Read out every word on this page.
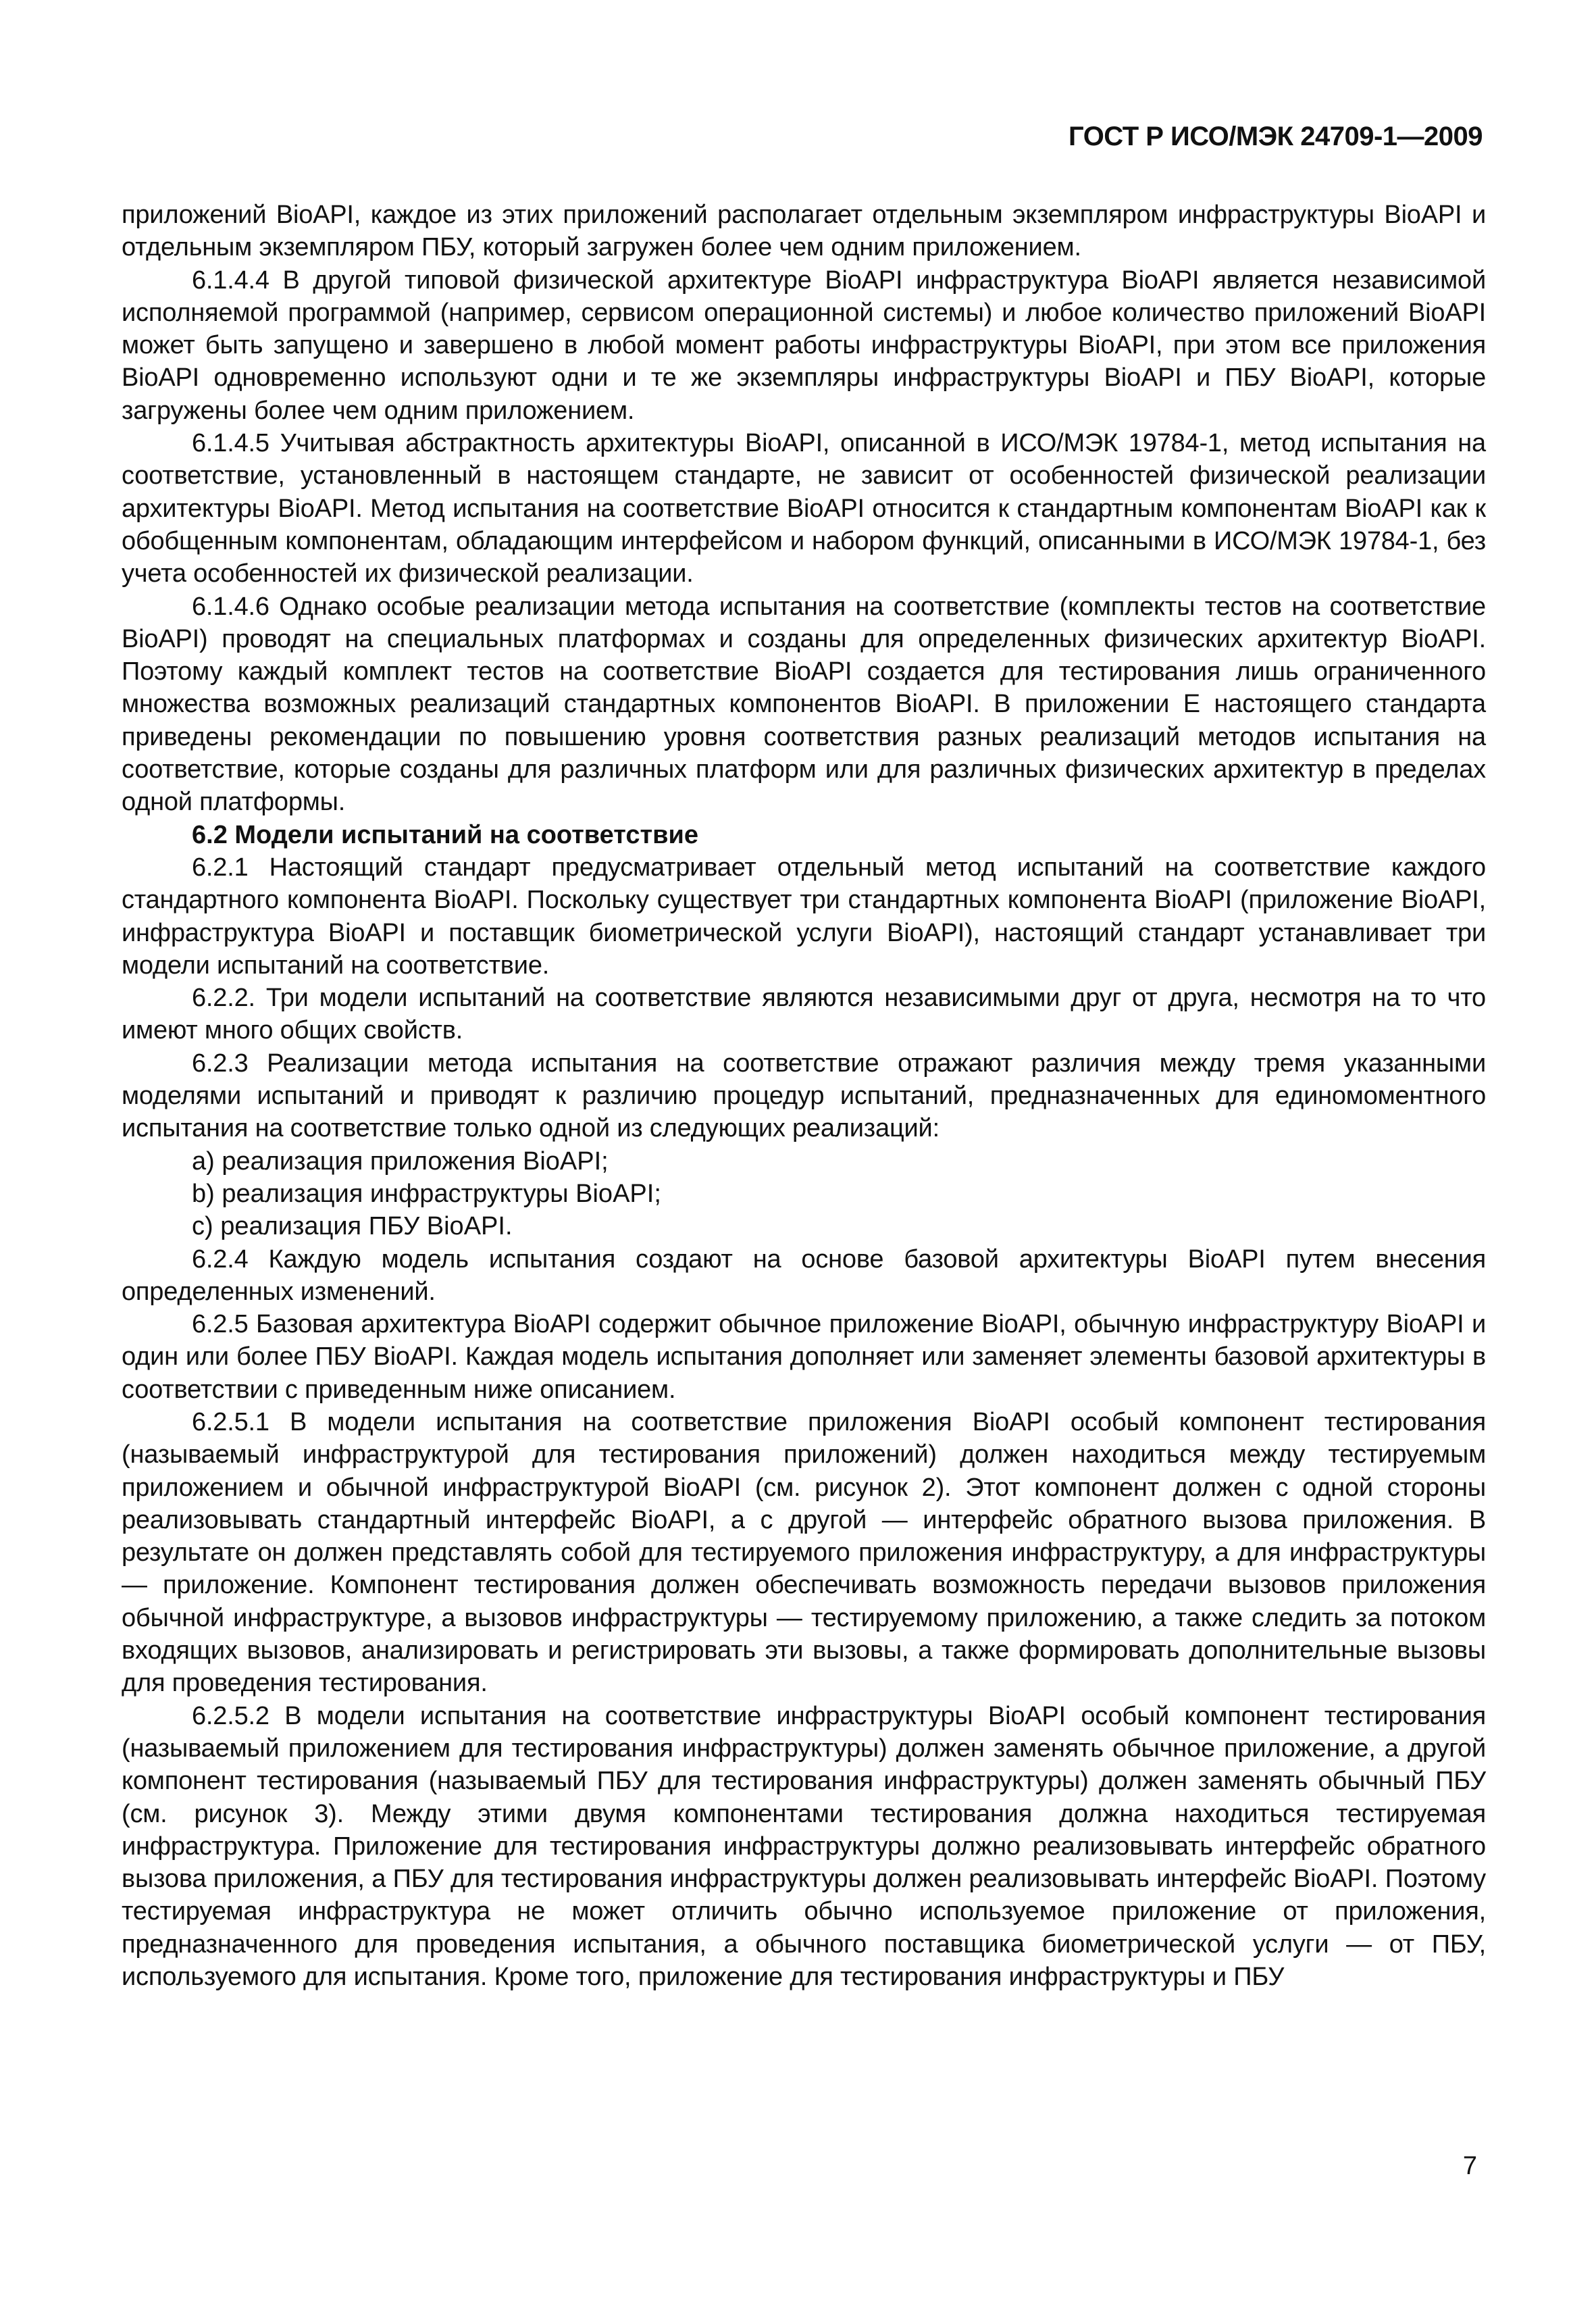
ГОСТ Р ИСО/МЭК 24709-1—2009

приложений BioAPI, каждое из этих приложений располагает отдельным экземпляром инфраструктуры BioAPI и отдельным экземпляром ПБУ, который загружен более чем одним приложением.

6.1.4.4 В другой типовой физической архитектуре BioAPI инфраструктура BioAPI является независимой исполняемой программой (например, сервисом операционной системы) и любое количество приложений BioAPI может быть запущено и завершено в любой момент работы инфраструктуры BioAPI, при этом все приложения BioAPI одновременно используют одни и те же экземпляры инфраструктуры BioAPI и ПБУ BioAPI, которые загружены более чем одним приложением.

6.1.4.5 Учитывая абстрактность архитектуры BioAPI, описанной в ИСО/МЭК 19784-1, метод испытания на соответствие, установленный в настоящем стандарте, не зависит от особенностей физической реализации архитектуры BioAPI. Метод испытания на соответствие BioAPI относится к стандартным компонентам BioAPI как к обобщенным компонентам, обладающим интерфейсом и набором функций, описанными в ИСО/МЭК 19784-1, без учета особенностей их физической реализации.

6.1.4.6 Однако особые реализации метода испытания на соответствие (комплекты тестов на соответствие BioAPI) проводят на специальных платформах и созданы для определенных физических архитектур BioAPI. Поэтому каждый комплект тестов на соответствие BioAPI создается для тестирования лишь ограниченного множества возможных реализаций стандартных компонентов BioAPI. В приложении Е настоящего стандарта приведены рекомендации по повышению уровня соответствия разных реализаций методов испытания на соответствие, которые созданы для различных платформ или для различных физических архитектур в пределах одной платформы.

6.2 Модели испытаний на соответствие

6.2.1 Настоящий стандарт предусматривает отдельный метод испытаний на соответствие каждого стандартного компонента BioAPI. Поскольку существует три стандартных компонента BioAPI (приложение BioAPI, инфраструктура BioAPI и поставщик биометрической услуги BioAPI), настоящий стандарт устанавливает три модели испытаний на соответствие.

6.2.2. Три модели испытаний на соответствие являются независимыми друг от друга, несмотря на то что имеют много общих свойств.

6.2.3 Реализации метода испытания на соответствие отражают различия между тремя указанными моделями испытаний и приводят к различию процедур испытаний, предназначенных для единомоментного испытания на соответствие только одной из следующих реализаций:

a) реализация приложения BioAPI;

b) реализация инфраструктуры BioAPI;

c) реализация ПБУ BioAPI.

6.2.4 Каждую модель испытания создают на основе базовой архитектуры BioAPI путем внесения определенных изменений.

6.2.5 Базовая архитектура BioAPI содержит обычное приложение BioAPI, обычную инфраструктуру BioAPI и один или более ПБУ BioAPI. Каждая модель испытания дополняет или заменяет элементы базовой архитектуры в соответствии с приведенным ниже описанием.

6.2.5.1 В модели испытания на соответствие приложения BioAPI особый компонент тестирования (называемый инфраструктурой для тестирования приложений) должен находиться между тестируемым приложением и обычной инфраструктурой BioAPI (см. рисунок 2). Этот компонент должен с одной стороны реализовывать стандартный интерфейс BioAPI, а с другой — интерфейс обратного вызова приложения. В результате он должен представлять собой для тестируемого приложения инфраструктуру, а для инфраструктуры — приложение. Компонент тестирования должен обеспечивать возможность передачи вызовов приложения обычной инфраструктуре, а вызовов инфраструктуры — тестируемому приложению, а также следить за потоком входящих вызовов, анализировать и регистрировать эти вызовы, а также формировать дополнительные вызовы для проведения тестирования.

6.2.5.2 В модели испытания на соответствие инфраструктуры BioAPI особый компонент тестирования (называемый приложением для тестирования инфраструктуры) должен заменять обычное приложение, а другой компонент тестирования (называемый ПБУ для тестирования инфраструктуры) должен заменять обычный ПБУ (см. рисунок 3). Между этими двумя компонентами тестирования должна находиться тестируемая инфраструктура. Приложение для тестирования инфраструктуры должно реализовывать интерфейс обратного вызова приложения, а ПБУ для тестирования инфраструктуры должен реализовывать интерфейс BioAPI. Поэтому тестируемая инфраструктура не может отличить обычно используемое приложение от приложения, предназначенного для проведения испытания, а обычного поставщика биометрической услуги — от ПБУ, используемого для испытания. Кроме того, приложение для тестирования инфраструктуры и ПБУ

7
